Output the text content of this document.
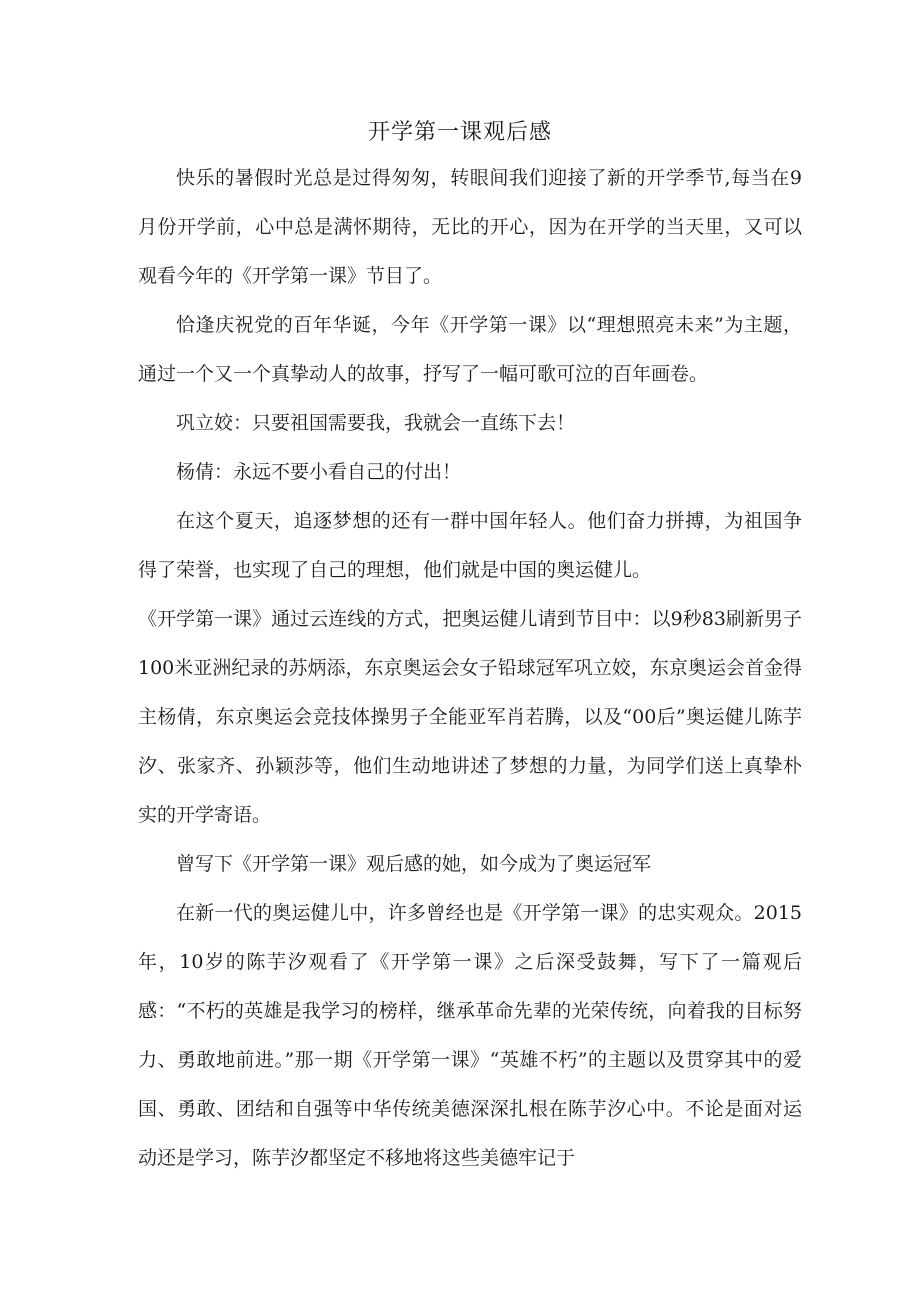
开学第一课观后感

快乐的暑假时光总是过得匆匆，转眼间我们迎接了新的开学季节,每当在9月份开学前，心中总是满怀期待，无比的开心，因为在开学的当天里，又可以观看今年的《开学第一课》节目了。

恰逢庆祝党的百年华诞，今年《开学第一课》以“理想照亮未来”为主题，通过一个又一个真挚动人的故事，抒写了一幅可歌可泣的百年画卷。

巩立姣：只要祖国需要我，我就会一直练下去！

杨倩：永远不要小看自己的付出！

在这个夏天，追逐梦想的还有一群中国年轻人。他们奋力拼搏，为祖国争得了荣誉，也实现了自己的理想，他们就是中国的奥运健儿。

《开学第一课》通过云连线的方式，把奥运健儿请到节目中：以9秒83刷新男子100米亚洲纪录的苏炳添，东京奥运会女子铅球冠军巩立姣，东京奥运会首金得主杨倩，东京奥运会竞技体操男子全能亚军肖若腾，以及“00后”奥运健儿陈芋汐、张家齐、孙颖莎等，他们生动地讲述了梦想的力量，为同学们送上真挚朴实的开学寄语。

曾写下《开学第一课》观后感的她，如今成为了奥运冠军

在新一代的奥运健儿中，许多曾经也是《开学第一课》的忠实观众。2015年，10岁的陈芋汐观看了《开学第一课》之后深受鼓舞，写下了一篇观后感：“不朽的英雄是我学习的榜样，继承革命先辈的光荣传统，向着我的目标努力、勇敢地前进。”那一期《开学第一课》“英雄不朽”的主题以及贯穿其中的爱国、勇敢、团结和自强等中华传统美德深深扎根在陈芋汐心中。不论是面对运动还是学习，陈芋汐都坚定不移地将这些美德牢记于
